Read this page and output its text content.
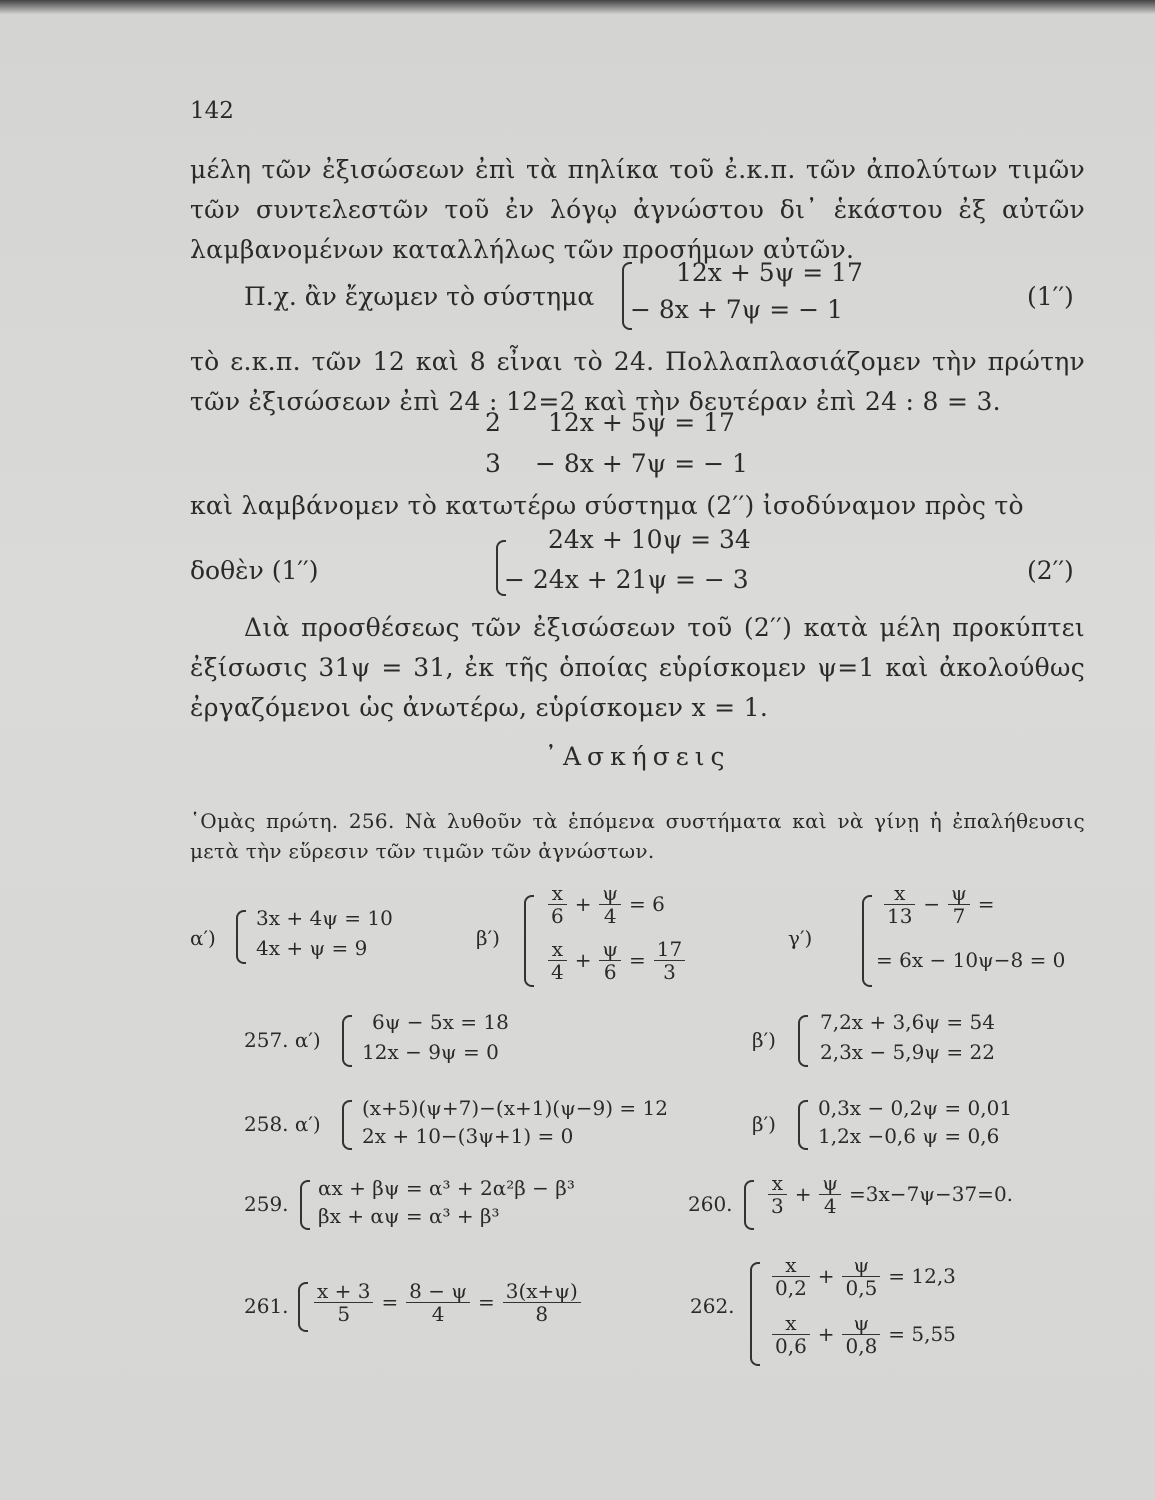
142
μέλη τῶν ἐξισώσεων ἐπὶ τὰ πηλίκα τοῦ ἐ.κ.π. τῶν ἀπολύτων τιμῶν τῶν συντελεστῶν τοῦ ἐν λόγῳ ἀγνώστου δι᾿ ἑκάστου ἐξ αὐτῶν λαμβανομένων καταλλήλως τῶν προσήμων αὐτῶν.
Π.χ. ἂν ἔχωμεν τὸ σύστημα
12x + 5ψ = 17
− 8x + 7ψ = − 1	(1′′)
τὸ ε.κ.π. τῶν 12 καὶ 8 εἶναι τὸ 24. Πολλαπλασιάζομεν τὴν πρώτην τῶν ἐξισώσεων ἐπὶ 24 : 12=2 καὶ τὴν δευτέραν ἐπὶ 24 : 8 = 3.
2 12x + 5ψ = 17
3 − 8x + 7ψ = − 1
καὶ λαμβάνομεν τὸ κατωτέρω σύστημα (2′′) ἰσοδύναμον πρὸς τὸ
δοθὲν (1′′)
24x + 10ψ = 34
− 24x + 21ψ = − 3	(2′′)
Διὰ προσθέσεως τῶν ἐξισώσεων τοῦ (2′′) κατὰ μέλη προκύπτει ἐξίσωσις 31ψ = 31, ἐκ τῆς ὁποίας εὑρίσκομεν ψ=1 καὶ ἀκολούθως ἐργαζόμενοι ὡς ἀνωτέρω, εὑρίσκομεν x = 1.
᾿Ασκήσεις
῾Ομὰς πρώτη. 256. Νὰ λυθοῦν τὰ ἑπόμενα συστήματα καὶ νὰ γίνῃ ἡ ἐπαλήθευσις μετὰ τὴν εὕρεσιν τῶν τιμῶν τῶν ἀγνώστων.
α′)
3x + 4ψ = 10
4x + ψ = 9	β′)
$\frac{x}{6} + \frac{\psi}{4} = 6$
$\frac{x}{4} + \frac{\psi}{6} = \frac{17}{3}$	γ′)
$\frac{x}{13} - \frac{\psi}{7}$ =
= 6x − 10ψ−8 = 0
257. α′)
6ψ − 5x = 18
12x − 9ψ = 0	β′)
7,2x + 3,6ψ = 54
2,3x − 5,9ψ = 22
258. α′)
(x+5)(ψ+7)−(x+1)(ψ−9) = 12
2x + 10−(3ψ+1) = 0	β′)
0,3x − 0,2ψ = 0,01
1,2x −0,6 ψ = 0,6
259.
αx + βψ = α³ + 2α²β − β³
βx + αψ = α³ + β³	260. $\frac{x}{3} + \frac{\psi}{4} =3x-7\psi-37=0$.
261. $\frac{x + 3}{5} = \frac{8 - \psi}{4} = \frac{3(x+\psi)}{8}$	262.
$\frac{x}{0,2} + \frac{\psi}{0,5} = 12,3$
$\frac{x}{0,6} + \frac{\psi}{0,8} = 5,55$
